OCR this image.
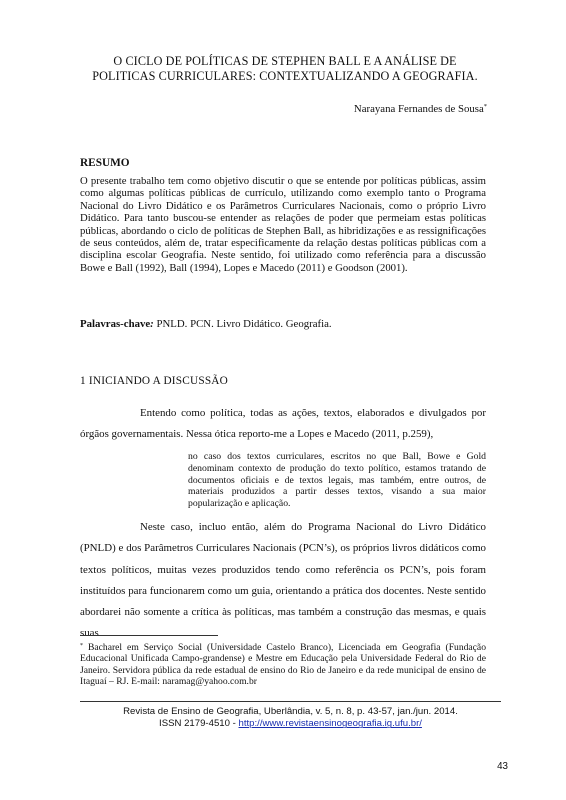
O CICLO DE POLÍTICAS DE STEPHEN BALL E A ANÁLISE DE
POLITICAS CURRICULARES: CONTEXTUALIZANDO A GEOGRAFIA.
Narayana Fernandes de Sousa*
RESUMO
O presente trabalho tem como objetivo discutir o que se entende por políticas públicas, assim como algumas políticas públicas de currículo, utilizando como exemplo tanto o Programa Nacional do Livro Didático e os Parâmetros Curriculares Nacionais, como o próprio Livro Didático. Para tanto buscou-se entender as relações de poder que permeiam estas políticas públicas, abordando o ciclo de políticas de Stephen Ball, as hibridizações e as ressignificações de seus conteúdos, além de, tratar especificamente da relação destas políticas públicas com a disciplina escolar Geografia. Neste sentido, foi utilizado como referência para a discussão Bowe e Ball (1992), Ball (1994), Lopes e Macedo (2011) e Goodson (2001).
Palavras-chave: PNLD. PCN. Livro Didático. Geografia.
1 INICIANDO A DISCUSSÃO
Entendo como política, todas as ações, textos, elaborados e divulgados por órgãos governamentais. Nessa ótica reporto-me a Lopes e Macedo (2011, p.259),
no caso dos textos curriculares, escritos no que Ball, Bowe e Gold denominam contexto de produção do texto político, estamos tratando de documentos oficiais e de textos legais, mas também, entre outros, de materiais produzidos a partir desses textos, visando a sua maior popularização e aplicação.
Neste caso, incluo então, além do Programa Nacional do Livro Didático (PNLD) e dos Parâmetros Curriculares Nacionais (PCN’s), os próprios livros didáticos como textos políticos, muitas vezes produzidos tendo como referência os PCN’s, pois foram instituídos para funcionarem como um guia, orientando a prática dos docentes. Neste sentido abordarei não somente a crítica às políticas, mas também a construção das mesmas, e quais suas
* Bacharel em Serviço Social (Universidade Castelo Branco), Licenciada em Geografia (Fundação Educacional Unificada Campo-grandense) e Mestre em Educação pela Universidade Federal do Rio de Janeiro. Servidora pública da rede estadual de ensino do Rio de Janeiro e da rede municipal de ensino de Itaguaí – RJ. E-mail: naramag@yahoo.com.br
Revista de Ensino de Geografia, Uberlândia, v. 5, n. 8, p. 43-57, jan./jun. 2014.
ISSN 2179-4510 - http://www.revistaensinogeografia.ig.ufu.br/
43
